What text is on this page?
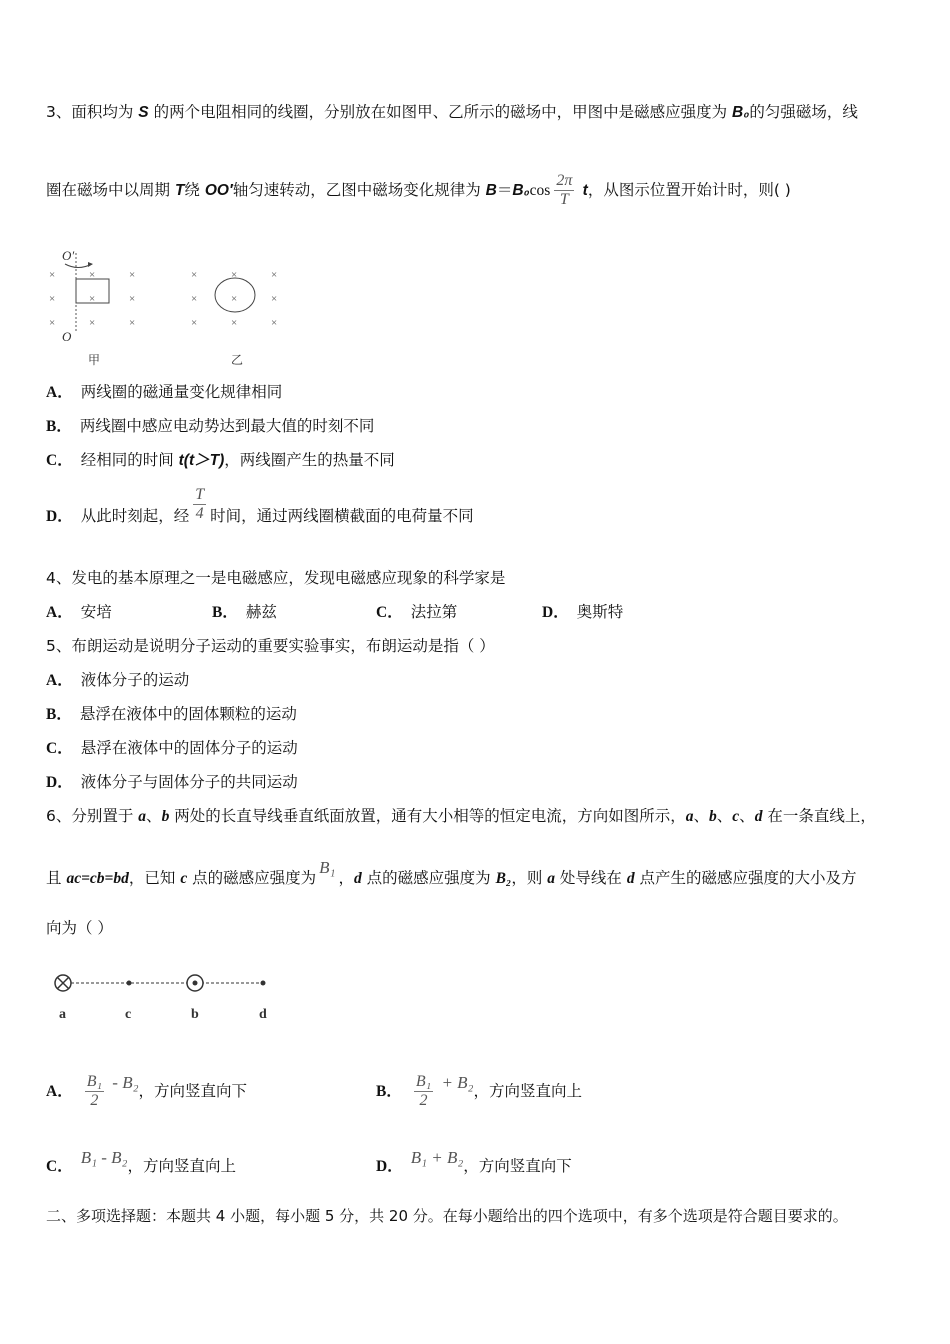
3、面积均为 S 的两个电阻相同的线圈，分别放在如图甲、乙所示的磁场中，甲图中是磁感应强度为 B₀的匀强磁场，线
圈在磁场中以周期 T绕 OO′轴匀速转动，乙图中磁场变化规律为 $B=B_0\cos \frac{2\pi}{T}$ t，从图示位置开始计时，则( )
×	×	×
×	×	×
×	×	×
×	×	×
×	×	×
×	×	×
O′
O
甲	乙
A． 两线圈的磁通量变化规律相同
B． 两线圈中感应电动势达到最大值的时刻不同
C． 经相同的时间 t(t＞T)，两线圈产生的热量不同
D． 从此时刻起，经 $\frac{T}{4}$ 时间，通过两线圈横截面的电荷量不同
4、发电的基本原理之一是电磁感应，发现电磁感应现象的科学家是
A． 安培	B． 赫兹	C． 法拉第	D． 奥斯特
5、布朗运动是说明分子运动的重要实验事实，布朗运动是指（ ）
A． 液体分子的运动
B． 悬浮在液体中的固体颗粒的运动
C． 悬浮在液体中的固体分子的运动
D． 液体分子与固体分子的共同运动
6、分别置于 a、b 两处的长直导线垂直纸面放置，通有大小相等的恒定电流，方向如图所示，a、b、c、d 在一条直线上，
且 ac=cb=bd，已知 c 点的磁感应强度为B₁，d 点的磁感应强度为 B₂，则 a 处导线在 d 点产生的磁感应强度的大小及方
向为（ ）
a	c	b	d
A． $\frac{\text{B₁}}{2} - B_2$，方向竖直向下	B． $\frac{\text{B₁}}{2} + B_2$，方向竖直向上
C． B₁ - B₂，方向竖直向上	D． B₁ + B₂，方向竖直向下
二、多项选择题：本题共 4 小题，每小题 5 分，共 20 分。在每小题给出的四个选项中，有多个选项是符合题目要求的。
